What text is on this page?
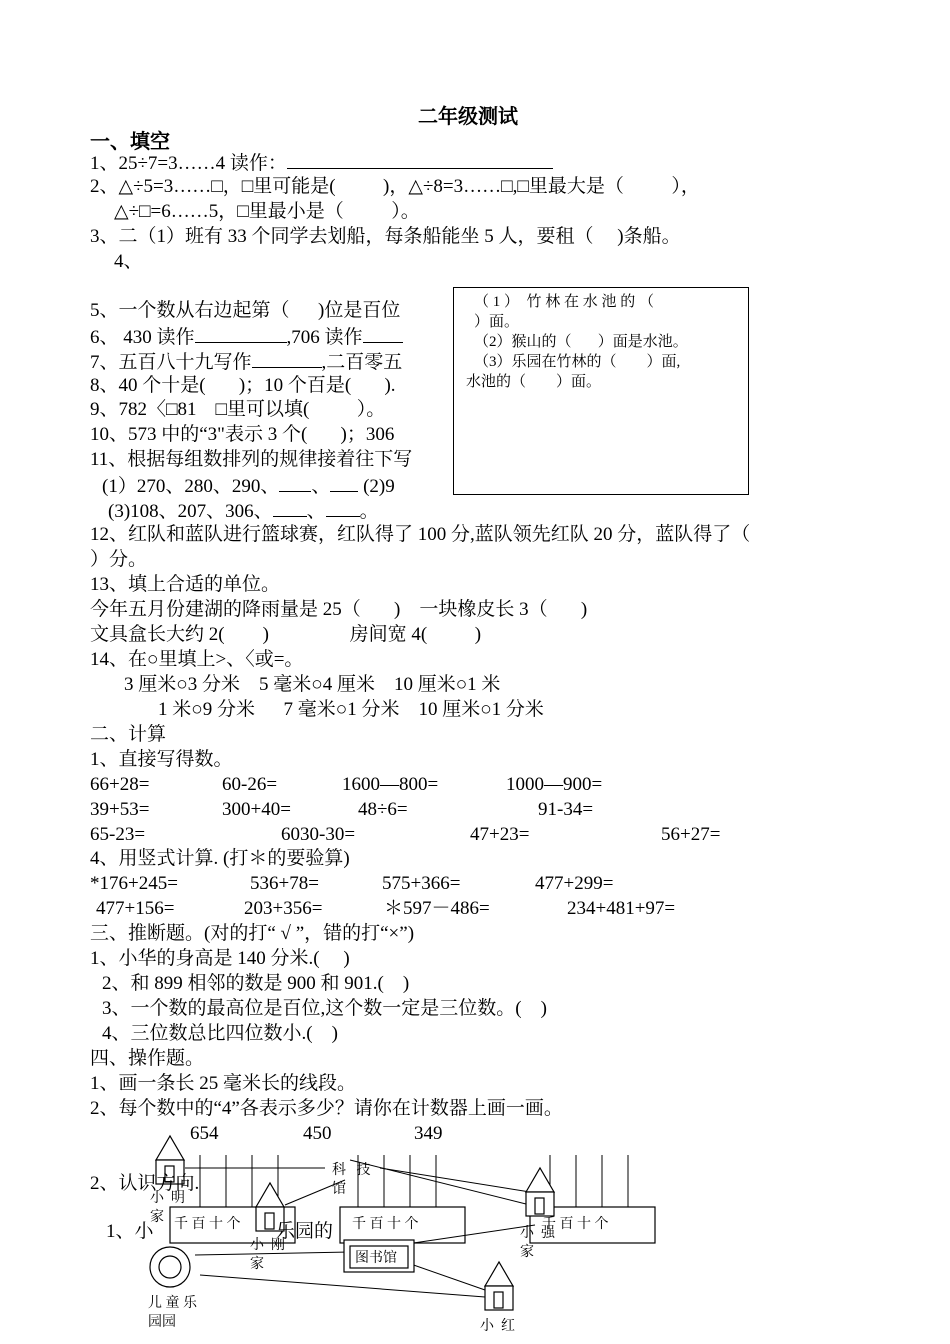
二年级测试
一、填空
1、25÷7=3……4 读作：
2、△÷5=3……□，□里可能是(          )，△÷8=3……□,□里最大是（          ），
△÷□=6……5，□里最小是（          ）。
3、二（1）班有 33 个同学去划船，每条船能坐 5 人，要租（     )条船。
4、
5、一个数从右边起第（      )位是百位
6、 430 读作	,706 读作
7、五百八十九写作	,二百零五
8、40 个十是(       )；10 个百是(       ).
9、782〈□81    □里可以填(          ）。
10、573 中的“3"表示 3 个(       )；306
11、根据每组数排列的规律接着往下写
(1）270、280、290、 、 (2)9
(3)108、207、306、 、 。
12、红队和蓝队进行篮球赛，红队得了 100 分,蓝队领先红队 20 分，蓝队得了（
）分。
13、填上合适的单位。
今年五月份建湖的降雨量是 25（       )    一块橡皮长 3（       )
文具盒长大约 2(        )                 房间宽 4(          )
14、在○里填上>、〈或=。
3 厘米○3 分米    5 毫米○4 厘米    10 厘米○1 米
1 米○9 分米      7 毫米○1 分米    10 厘米○1 分米
（ 1 ）  竹 林 在 水 池 的 （
）面。
（2）猴山的（       ）面是水池。
（3）乐园在竹林的（        ）面,
水池的（        ）面。
二、计算
1、直接写得数。
66+28=	60-26=	1600—800=	1000—900=
39+53=	300+40=	48÷6=	91-34=
65-23=	6030-30=	47+23=	56+27=
4、用竖式计算. (打＊的要验算)
*176+245=	536+78=	575+366=	477+299=
477+156=	203+356=	＊597－486=	234+481+97=
三、推断题。(对的打“ √ ”，错的打“×”)
1、小华的身高是 140 分米.(     )
2、和 899 相邻的数是 900 和 901.(    )
3、一个数的最高位是百位,这个数一定是三位数。(    )
4、三位数总比四位数小.(    )
四、操作题。
1、画一条长 25 毫米长的线段。
2、每个数中的“4”各表示多少？请你在计数器上画一画。
654	450	349
2、认识方向.
1、小	乐园的
千 百 十 个	千 百 十 个	千 百 十 个
科   技
馆
小  明
家
小  刚
家
小  强
家
小  红
图书馆
儿 童 乐
园园
